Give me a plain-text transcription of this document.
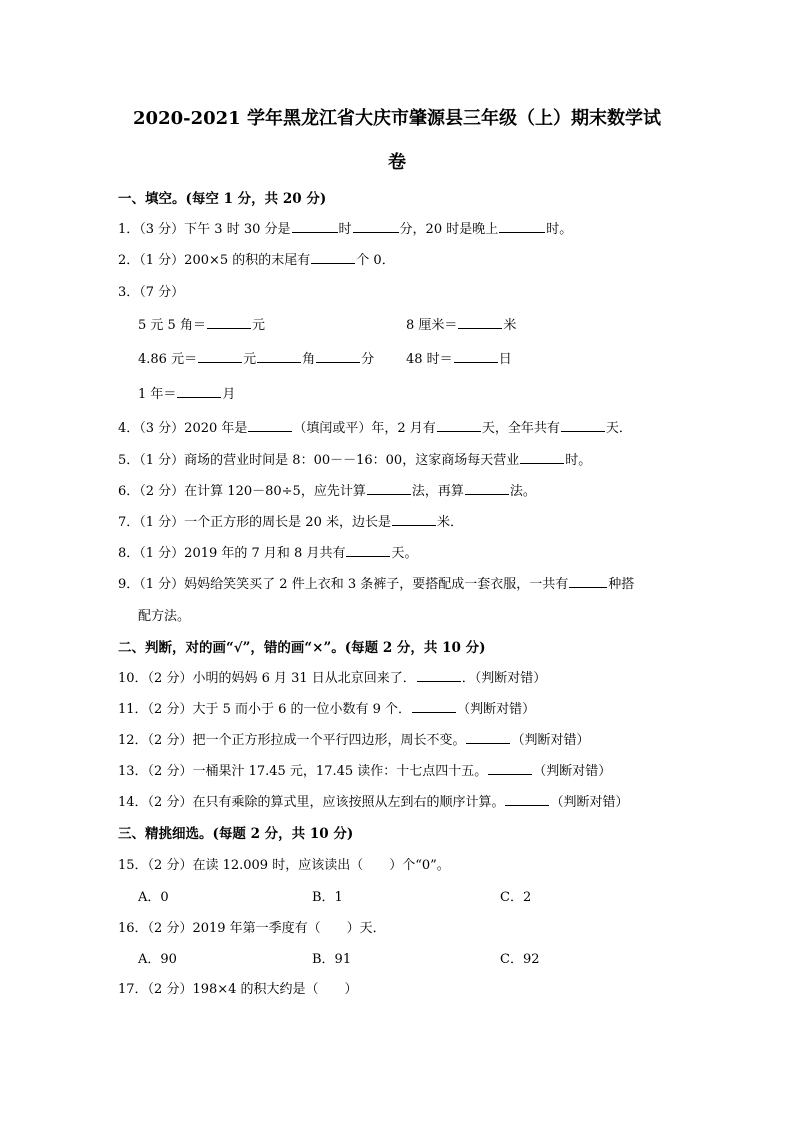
2020-2021 学年黑龙江省大庆市肇源县三年级（上）期末数学试
卷
一、填空。(每空 1 分，共 20 分)
1．（3 分）下午 3 时 30 分是	时	分，20 时是晚上	时。
2．（1 分）200×5 的积的末尾有	个 0．
3．（7 分）
5 元 5 角＝	元	8 厘米＝	米
4.86 元＝	元	角	分 48 时＝	日
1 年＝	月
4．（3 分）2020 年是	（填闰或平）年，2 月有	天，全年共有	天．
5．（1 分）商场的营业时间是 8：00－－16：00，这家商场每天营业	时。
6．（2 分）在计算 120－80÷5，应先计算	法，再算	法。
7．（1 分）一个正方形的周长是 20 米，边长是	米．
8．（1 分）2019 年的 7 月和 8 月共有	天。
9．（1 分）妈妈给笑笑买了 2 件上衣和 3 条裤子，要搭配成一套衣服，一共有	种搭
配方法。
二、判断，对的画“√”，错的画“×”。(每题 2 分，共 10 分)
10．（2 分）小明的妈妈 6 月 31 日从北京回来了．	．（判断对错）
11．（2 分）大于 5 而小于 6 的一位小数有 9 个．	（判断对错）
12．（2 分）把一个正方形拉成一个平行四边形，周长不变。	（判断对错）
13．（2 分）一桶果汁 17.45 元，17.45 读作：十七点四十五。	（判断对错）
14．（2 分）在只有乘除的算式里，应该按照从左到右的顺序计算。	（判断对错）
三、精挑细选。(每题 2 分，共 10 分)
15．（2 分）在读 12.009 时，应该读出（　　）个“0”。
A．0	B．1	C．2
16．（2 分）2019 年第一季度有（　　）天．
A．90	B．91	C．92
17．（2 分）198×4 的积大约是（　　）
